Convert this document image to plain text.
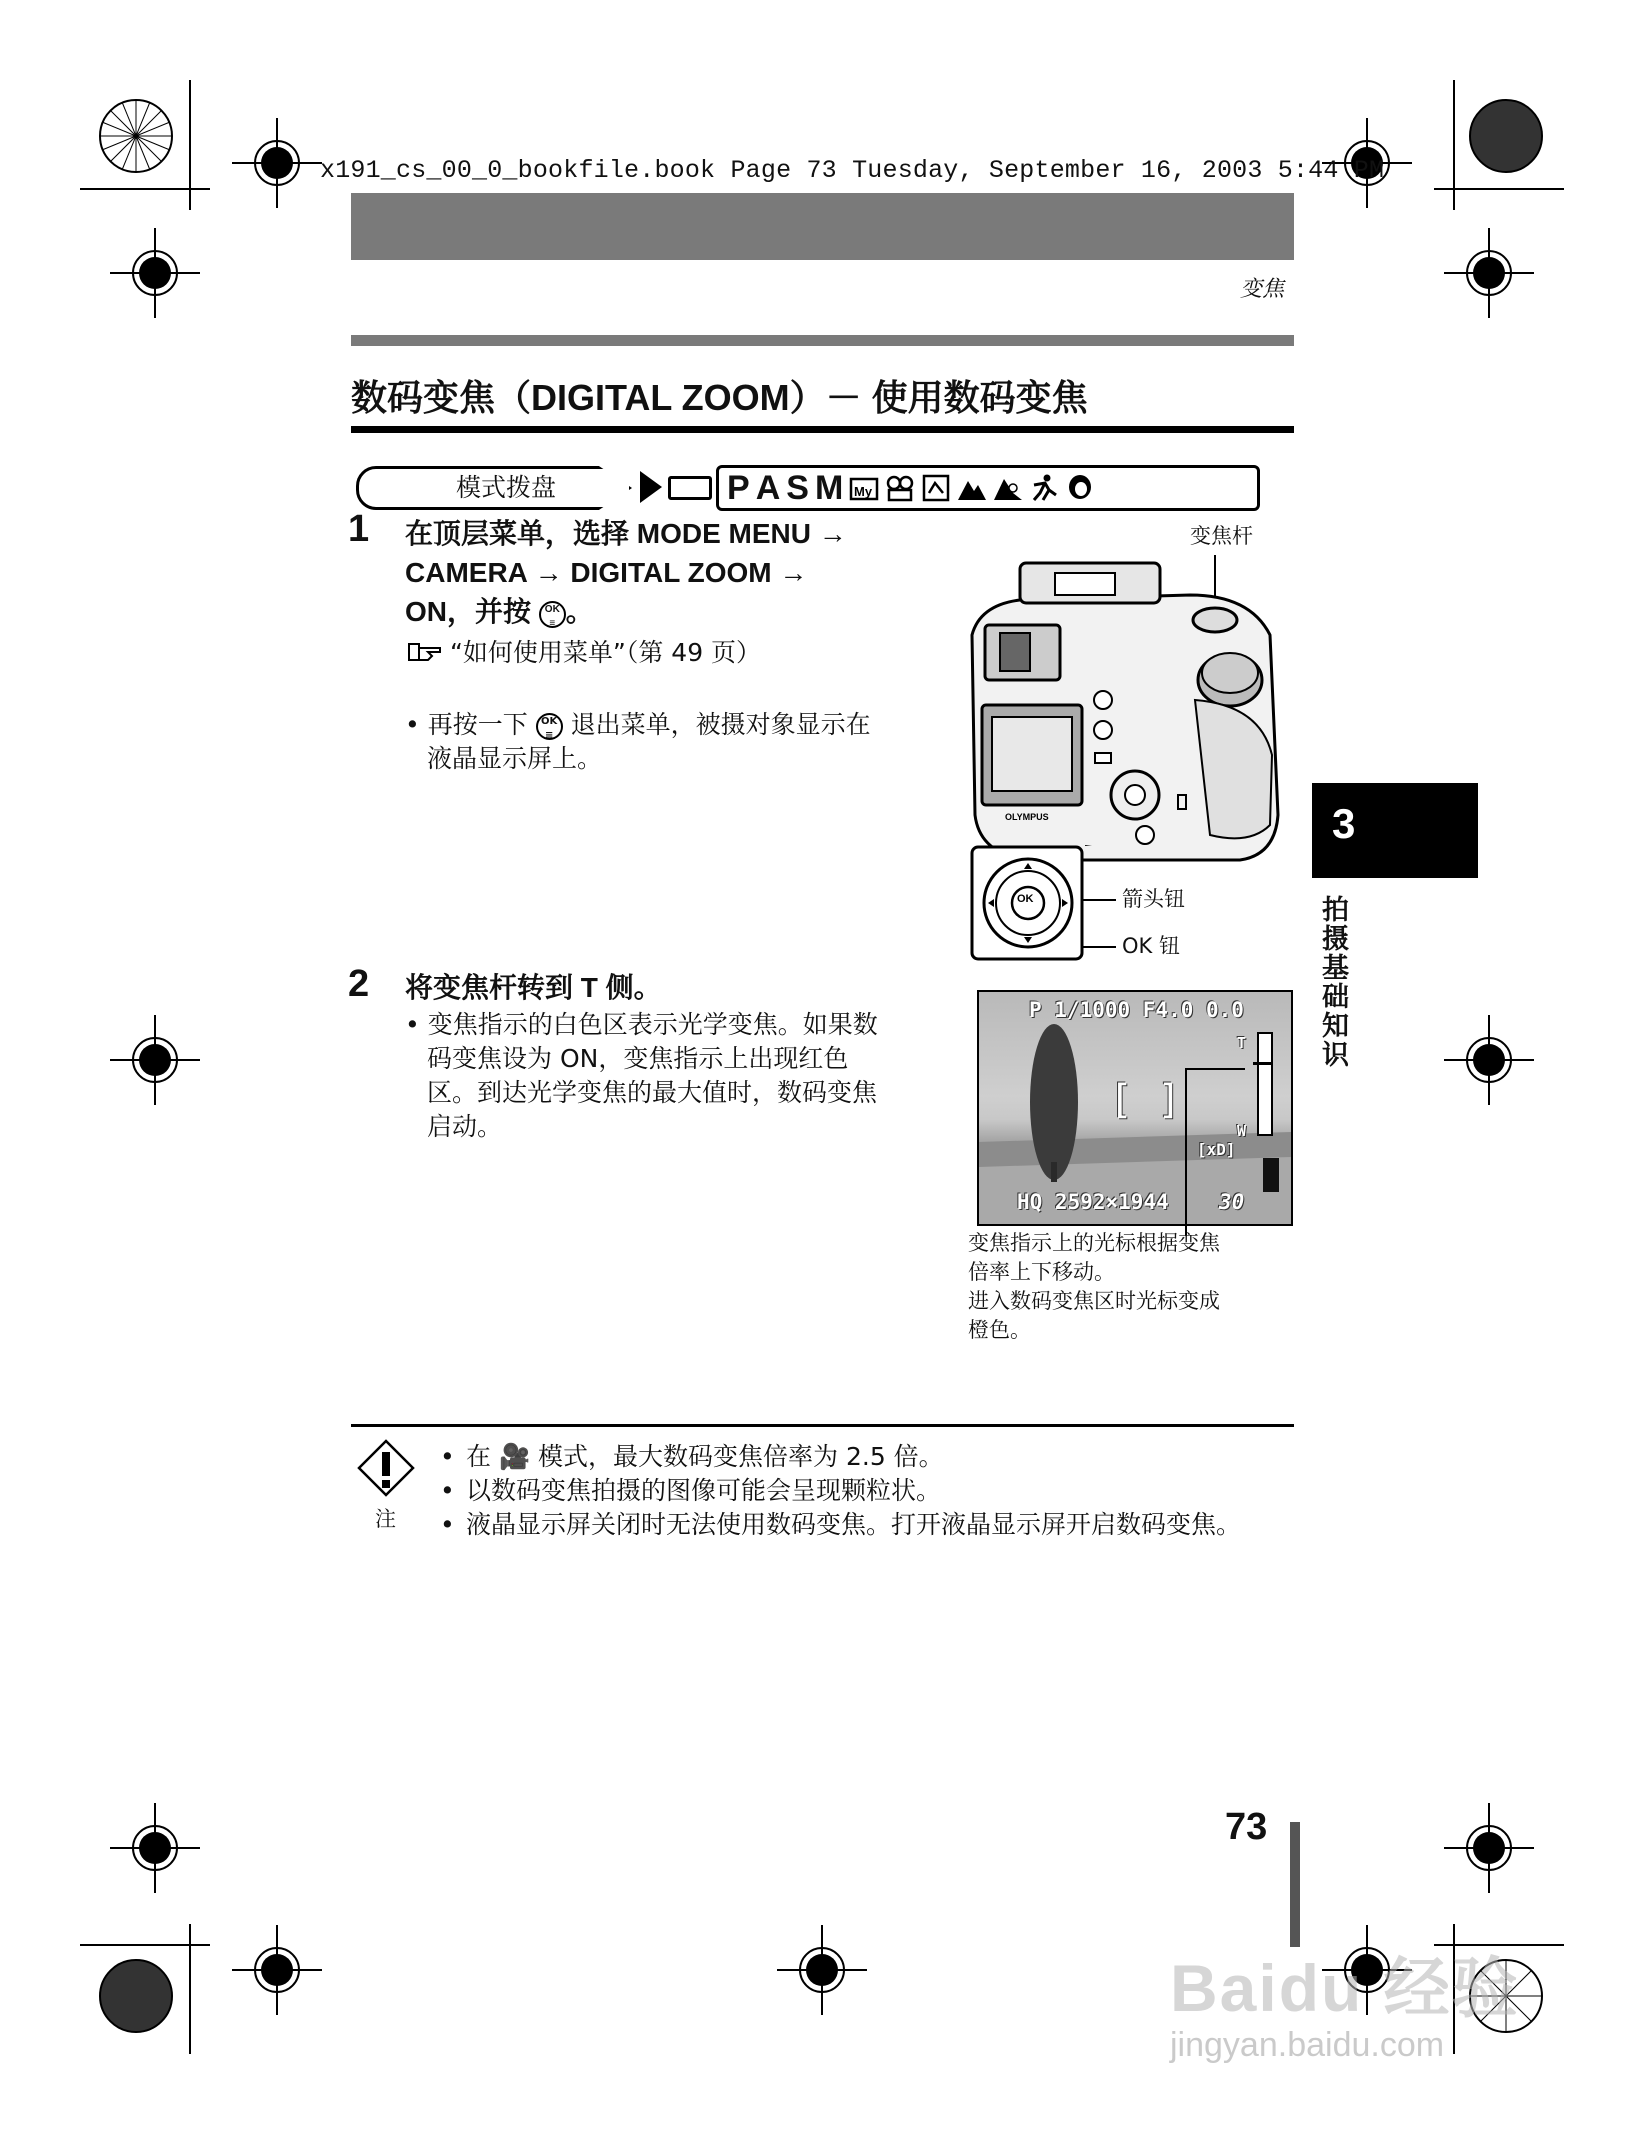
x191_cs_00_0_bookfile.book Page 73 Tuesday, September 16, 2003 5:44 PM
变焦
数码变焦（DIGITAL ZOOM）－ 使用数码变焦
模式拨盘	P A S M My
1 在顶层菜单，选择 MODE MENU →
CAMERA → DIGITAL ZOOM →
ON，并按 OK
≡ 。
“如何使用菜单”（第 49 页）
• 再按一下 OK
≡ 退出菜单，被摄对象显示在
液晶显示屏上。
变焦杆
OLYMPUS
OK	箭头钮
OK 钮
3
拍摄基础知识
2 将变焦杆转到 T 侧。
• 变焦指示的白色区表示光学变焦。如果数
码变焦设为 ON，变焦指示上出现红色
区。到达光学变焦的最大值时，数码变焦
启动。
P 1/1000 F4.0 0.0
[ ]
T
W
[xD]
HQ 2592×1944 30
变焦指示上的光标根据变焦
倍率上下移动。
进入数码变焦区时光标变成
橙色。
注
• 在 🎥 模式，最大数码变焦倍率为 2.5 倍。
• 以数码变焦拍摄的图像可能会呈现颗粒状。
• 液晶显示屏关闭时无法使用数码变焦。打开液晶显示屏开启数码变焦。
73
Baidu 经验
jingyan.baidu.com
